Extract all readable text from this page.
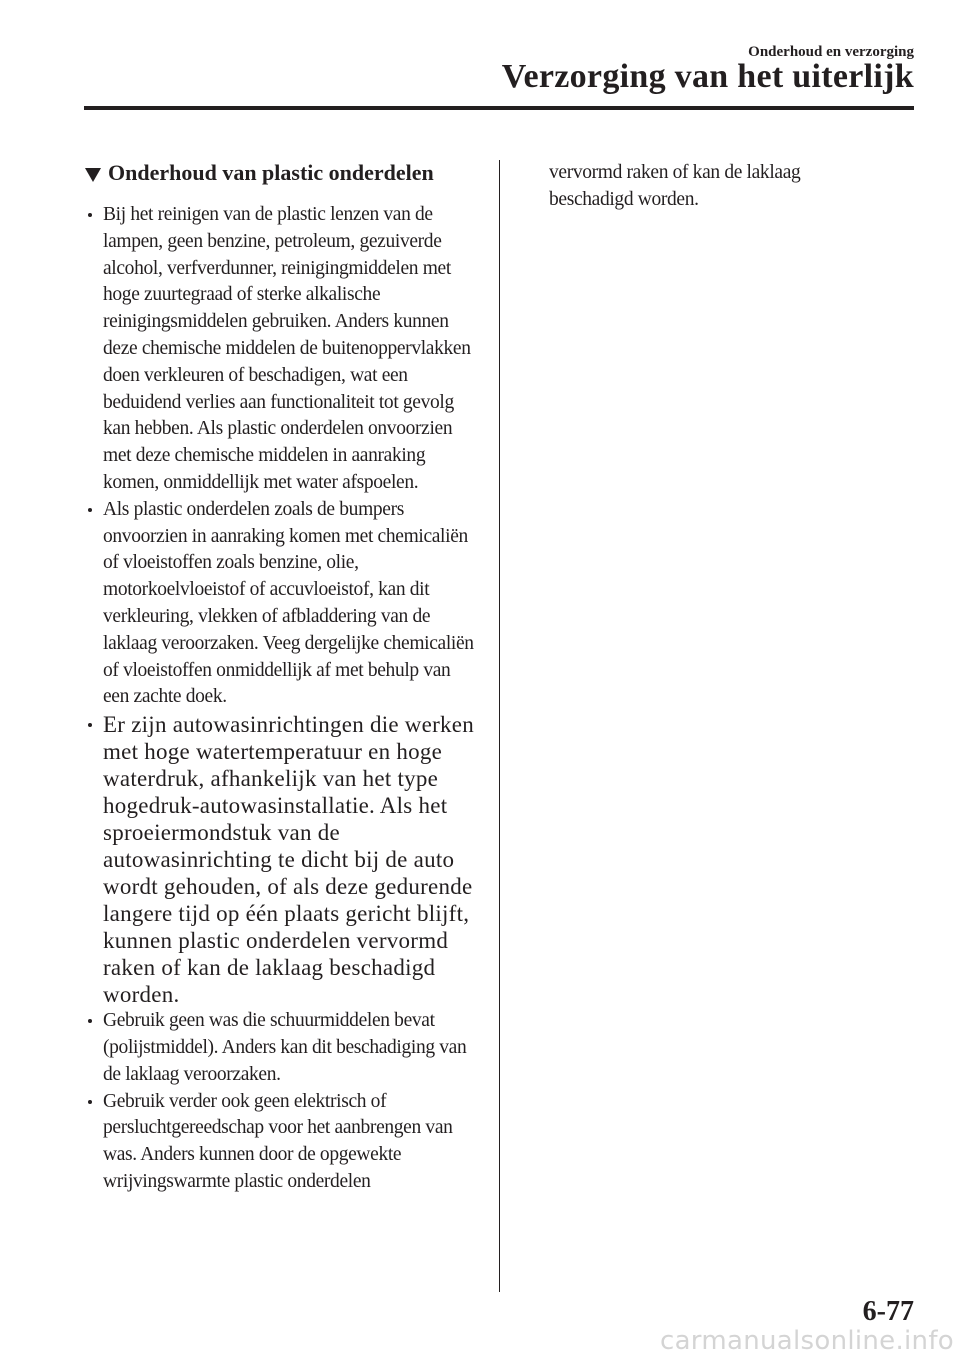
Onderhoud en verzorging
Verzorging van het uiterlijk
Onderhoud van plastic onderdelen
Bij het reinigen van de plastic lenzen van de lampen, geen benzine, petroleum, gezuiverde alcohol, verfverdunner, reinigingmiddelen met hoge zuurtegraad of sterke alkalische reinigingsmiddelen gebruiken. Anders kunnen deze chemische middelen de buitenoppervlakken doen verkleuren of beschadigen, wat een beduidend verlies aan functionaliteit tot gevolg kan hebben. Als plastic onderdelen onvoorzien met deze chemische middelen in aanraking komen, onmiddellijk met water afspoelen.
Als plastic onderdelen zoals de bumpers onvoorzien in aanraking komen met chemicaliën of vloeistoffen zoals benzine, olie, motorkoelvloeistof of accuvloeistof, kan dit verkleuring, vlekken of afbladdering van de laklaag veroorzaken. Veeg dergelijke chemicaliën of vloeistoffen onmiddellijk af met behulp van een zachte doek.
Er zijn autowasinrichtingen die werken met hoge watertemperatuur en hoge waterdruk, afhankelijk van het type hogedruk-autowasinstallatie. Als het sproeiermondstuk van de autowasinrichting te dicht bij de auto wordt gehouden, of als deze gedurende langere tijd op één plaats gericht blijft, kunnen plastic onderdelen vervormd raken of kan de laklaag beschadigd worden.
Gebruik geen was die schuurmiddelen bevat (polijstmiddel). Anders kan dit beschadiging van de laklaag veroorzaken.
Gebruik verder ook geen elektrisch of persluchtgereedschap voor het aanbrengen van was. Anders kunnen door de opgewekte wrijvingswarmte plastic onderdelen

vervormd raken of kan de laklaag beschadigd worden.

6-77
carmanualsonline.info
